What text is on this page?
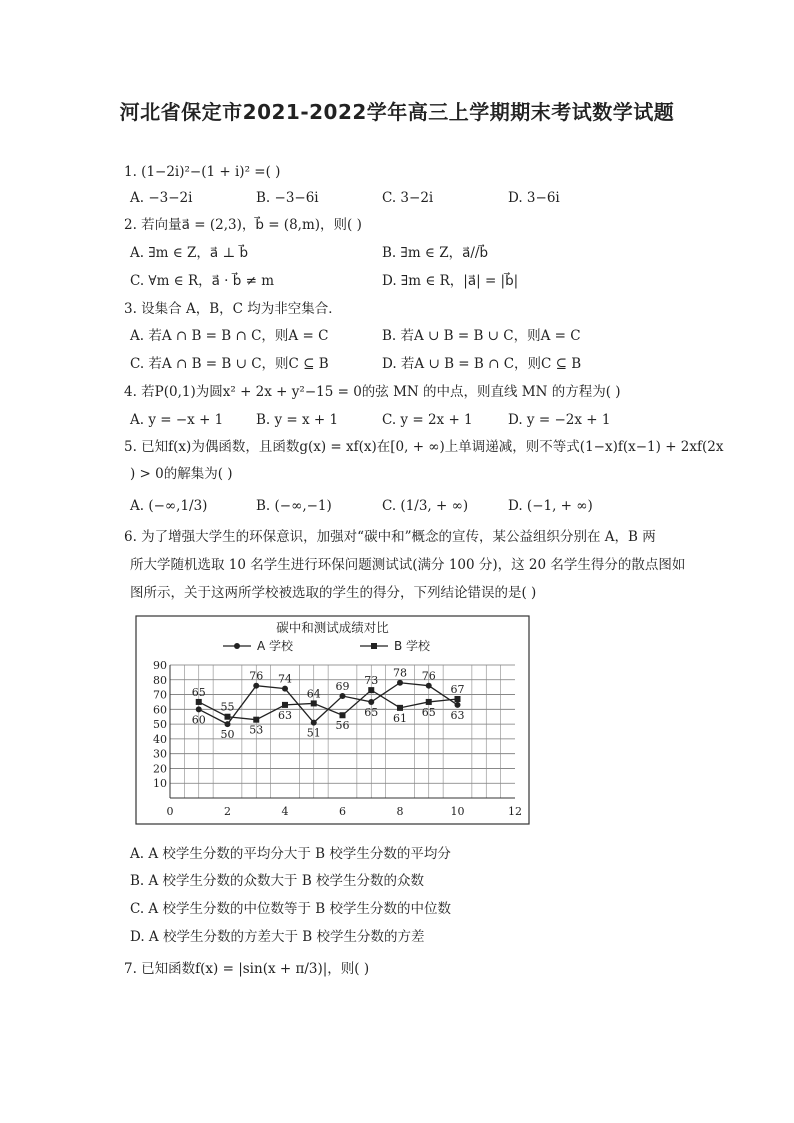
河北省保定市2021-2022学年高三上学期期末考试数学试题
1. (1−2i)²−(1 + i)² =( )
A. −3−2i	B. −3−6i	C. 3−2i	D. 3−6i
2. 若向量a⃗ = (2,3)，b⃗ = (8,m)，则( )
A. ∃m ∈ Z，a⃗ ⊥ b⃗	B. ∃m ∈ Z，a⃗//b⃗
C. ∀m ∈ R，a⃗ · b⃗ ≠ m	D. ∃m ∈ R，|a⃗| = |b⃗|
3. 设集合 A，B，C 均为非空集合．
A. 若A ∩ B = B ∩ C，则A = C	B. 若A ∪ B = B ∪ C，则A = C
C. 若A ∩ B = B ∪ C，则C ⊆ B	D. 若A ∪ B = B ∩ C，则C ⊆ B
4. 若P(0,1)为圆x² + 2x + y²−15 = 0的弦 MN 的中点，则直线 MN 的方程为( )
A. y = −x + 1 B. y = x + 1	C. y = 2x + 1	D. y = −2x + 1
5. 已知f(x)为偶函数，且函数g(x) = xf(x)在[0, + ∞)上单调递减，则不等式(1−x)f(x−1) + 2xf(2x
) > 0的解集为( )
A. (−∞,1/3)	B. (−∞,−1)	C. (1/3, + ∞)	D. (−1, + ∞)
6. 为了增强大学生的环保意识，加强对“碳中和”概念的宣传，某公益组织分别在 A，B 两
所大学随机选取 10 名学生进行环保问题测试试(满分 100 分)，这 20 名学生得分的散点图如
图所示，关于这两所学校被选取的学生的得分，下列结论错误的是( )
10
20
30
40
50
60
70
80
90
0	2	4	6	8	10	12
碳中和测试成绩对比
A 学校	B 学校
60
50
76 74
51
69
65
78 76
63
65
55
53
63
64
56
73
61 65
67
A. A 校学生分数的平均分大于 B 校学生分数的平均分
B. A 校学生分数的众数大于 B 校学生分数的众数
C. A 校学生分数的中位数等于 B 校学生分数的中位数
D. A 校学生分数的方差大于 B 校学生分数的方差
7. 已知函数f(x) = |sin(x + π/3)|，则( )
